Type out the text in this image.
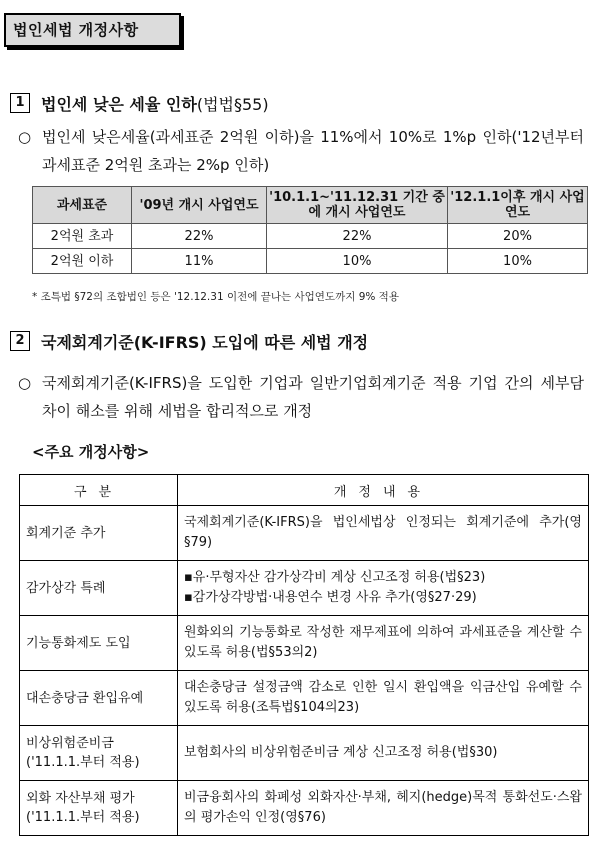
법인세법 개정사항
1	법인세 낮은 세율 인하(법법§55)
○ 법인세 낮은세율(과세표준 2억원 이하)을 11%에서 10%로 1%p 인하('12년부터 과세표준 2억원 초과는 2%p 인하)
과세표준	'09년 개시 사업연도	'10.1.1~'11.12.31 기간 중에 개시 사업연도	'12.1.1이후 개시 사업연도
2억원 초과	22%	22%	20%
2억원 이하	11%	10%	10%
* 조특법 §72의 조합법인 등은 '12.12.31 이전에 끝나는 사업연도까지 9% 적용
2	국제회계기준(K-IFRS) 도입에 따른 세법 개정
○ 국제회계기준(K-IFRS)을 도입한 기업과 일반기업회계기준 적용 기업 간의 세부담 차이 해소를 위해 세법을 합리적으로 개정
<주요 개정사항>
구분	개정내용

회계기준 추가	국제회계기준(K-IFRS)을 법인세법상 인정되는 회계기준에 추가(영§79)

감가상각 특례	▪유·무형자산 감가상각비 계상 신고조정 허용(법§23)
▪감가상각방법·내용연수 변경 사유 추가(영§27·29)

기능통화제도 도입	원화외의 기능통화로 작성한 재무제표에 의하여 과세표준을 계산할 수 있도록 허용(법§53의2)

대손충당금 환입유예	대손충당금 설정금액 감소로 인한 일시 환입액을 익금산입 유예할 수 있도록 허용(조특법§104의23)

비상위험준비금
('11.1.1.부터 적용)	보험회사의 비상위험준비금 계상 신고조정 허용(법§30)

외화 자산부채 평가
('11.1.1.부터 적용)	비금융회사의 화폐성 외화자산·부채, 헤지(hedge)목적 통화선도·스왑의 평가손익 인정(영§76)
